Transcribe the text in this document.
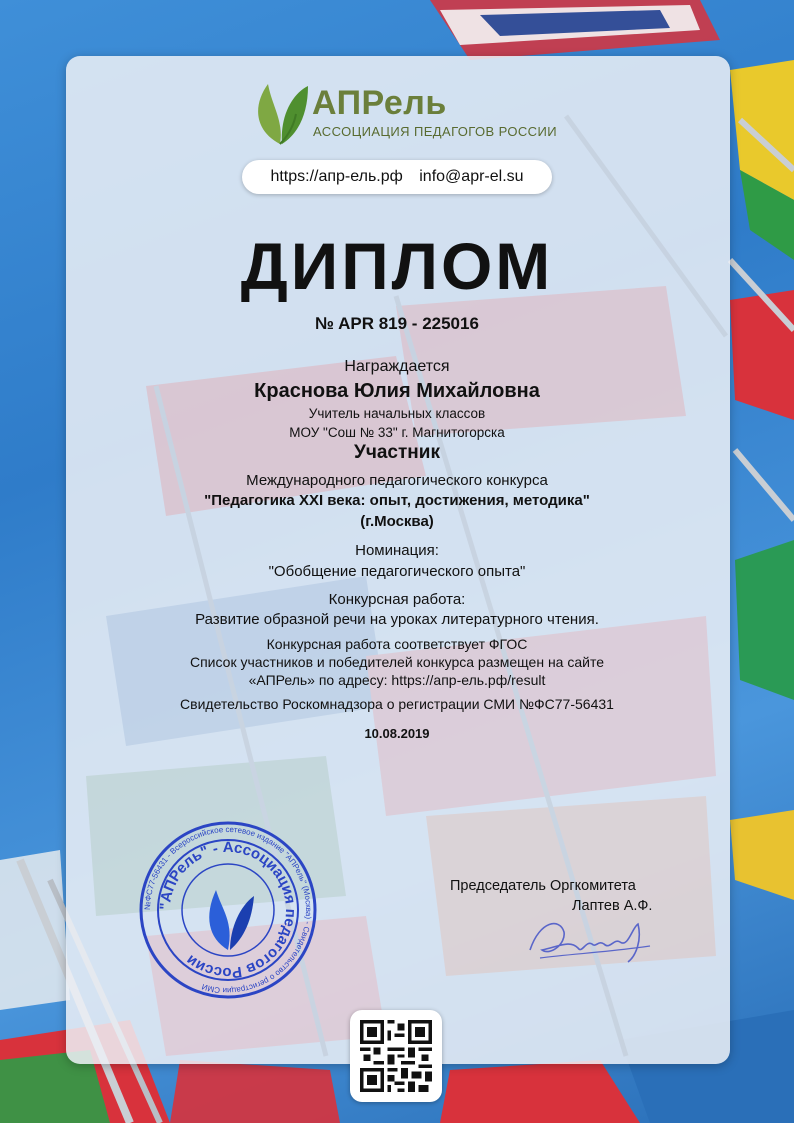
АПРель
АССОЦИАЦИЯ ПЕДАГОГОВ РОССИИ
https://апр-ель.рф info@apr-el.su
ДИПЛОМ
№ APR 819 - 225016
Награждается
Краснова Юлия Михайловна
Учитель начальных классов
МОУ "Сош № 33" г. Магнитогорска
Участник
Международного педагогического конкурса
"Педагогика XXI века: опыт, достижения, методика"
(г.Москва)
Номинация:
"Обобщение педагогического опыта"
Конкурсная работа:
Развитие образной речи на уроках литературного чтения.
Конкурсная работа соответствует ФГОС
Список участников и победителей конкурса размещен на сайте
«АПРель» по адресу: https://апр-ель.рф/result
Свидетельство Роскомнадзора о регистрации СМИ №ФС77-56431
10.08.2019
№ФС77-56431 - Всероссийское сетевое издание "АПРель" (Москва) - Свидетельство о регистрации СМИ
"АПРель" - Ассоциация педагогов России
Председатель Оргкомитета
Лаптев А.Ф.
